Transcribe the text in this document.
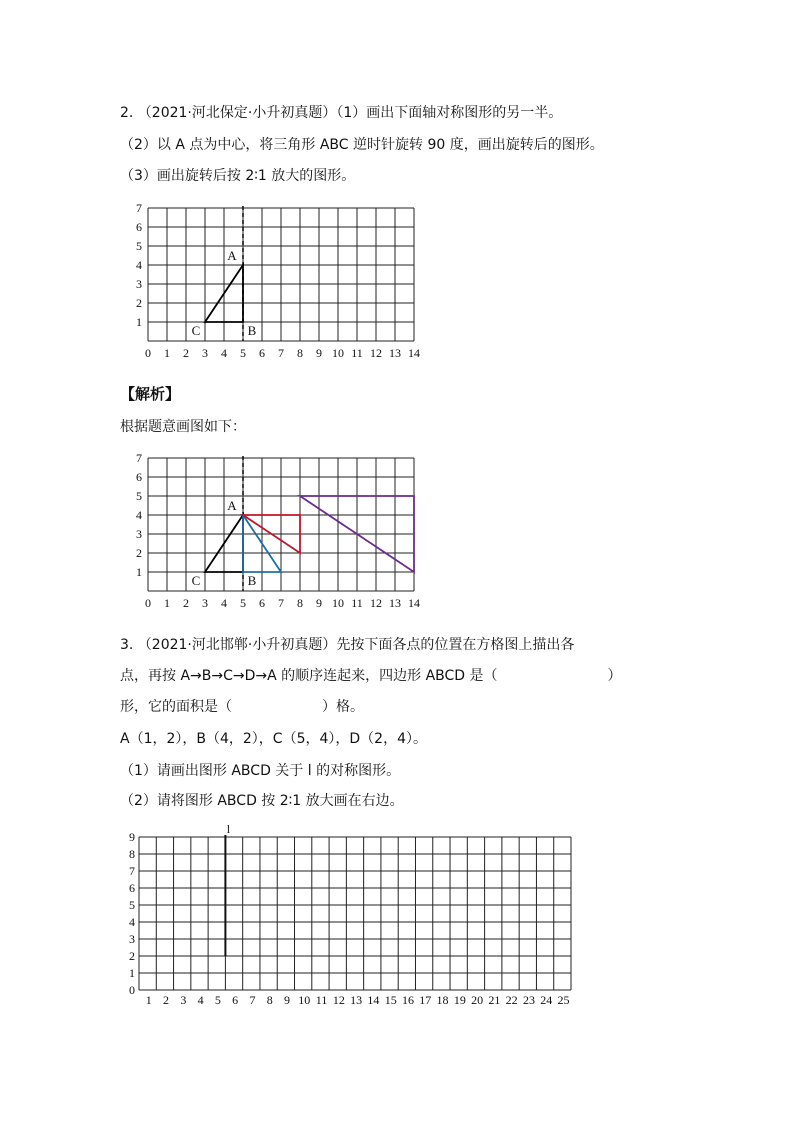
2. （2021·河北保定·小升初真题）（1）画出下面轴对称图形的另一半。
（2）以 A 点为中心，将三角形 ABC 逆时针旋转 90 度，画出旋转后的图形。
（3）画出旋转后按 2∶1 放大的图形。
【解析】
根据题意画图如下：
3. （2021·河北邯郸·小升初真题）先按下面各点的位置在方格图上描出各
点，再按 A→B→C→D→A 的顺序连起来，四边形 ABCD 是（	）
形，它的面积是（	）格。
A（1，2），B（4，2），C（5，4），D（2，4）。
（1）请画出图形 ABCD 关于 l 的对称图形。
（2）请将图形 ABCD 按 2∶1 放大画在右边。
0 1 2 3 4 5 6 7 8 9 10 11 12 13 14
1
2
3
4
5
6
7
A
B
C
0 1 2 3 4 5 6 7 8 9 10 11 12 13 14
1
2
3
4
5
6
7
A
B
C
1 2 3 4 5 6 7 8 9 10 11 12 13 14 15 16 17 18 19 20 21 22 23 24 25
0
1
2
3
4
5
6
7
8
9
l
